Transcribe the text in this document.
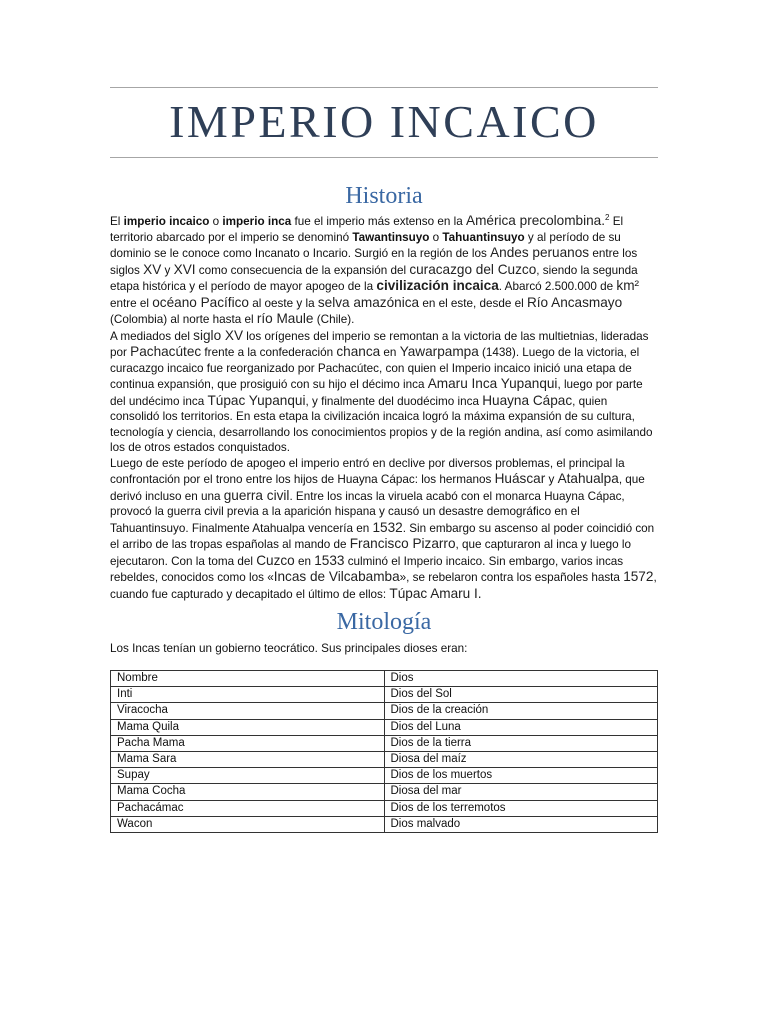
IMPERIO INCAICO
Historia

El imperio incaico o imperio inca fue el imperio más extenso en la América precolombina.$^2$ El territorio abarcado por el imperio se denominó Tawantinsuyo o Tahuantinsuyo y al período de su dominio se le conoce como Incanato o Incario. Surgió en la región de los Andes peruanos entre los siglos XV y XVI como consecuencia de la expansión del curacazgo del Cuzco, siendo la segunda etapa histórica y el período de mayor apogeo de la civilización incaica. Abarcó 2.500.000 de km² entre el océano Pacífico al oeste y la selva amazónica en el este, desde el Río Ancasmayo (Colombia) al norte hasta el río Maule (Chile).

A mediados del siglo XV los orígenes del imperio se remontan a la victoria de las multietnias, lideradas por Pachacútec frente a la confederación chanca en Yawarpampa (1438). Luego de la victoria, el curacazgo incaico fue reorganizado por Pachacútec, con quien el Imperio incaico inició una etapa de continua expansión, que prosiguió con su hijo el décimo inca Amaru Inca Yupanqui, luego por parte del undécimo inca Túpac Yupanqui, y finalmente del duodécimo inca Huayna Cápac, quien consolidó los territorios. En esta etapa la civilización incaica logró la máxima expansión de su cultura, tecnología y ciencia, desarrollando los conocimientos propios y de la región andina, así como asimilando los de otros estados conquistados.

Luego de este período de apogeo el imperio entró en declive por diversos problemas, el principal la confrontación por el trono entre los hijos de Huayna Cápac: los hermanos Huáscar y Atahualpa, que derivó incluso en una guerra civil. Entre los incas la viruela acabó con el monarca Huayna Cápac, provocó la guerra civil previa a la aparición hispana y causó un desastre demográfico en el Tahuantinsuyo. Finalmente Atahualpa vencería en 1532. Sin embargo su ascenso al poder coincidió con el arribo de las tropas españolas al mando de Francisco Pizarro, que capturaron al inca y luego lo ejecutaron. Con la toma del Cuzco en 1533 culminó el Imperio incaico. Sin embargo, varios incas rebeldes, conocidos como los «Incas de Vilcabamba», se rebelaron contra los españoles hasta 1572, cuando fue capturado y decapitado el último de ellos: Túpac Amaru I.

Mitología
Los Incas tenían un gobierno teocrático. Sus principales dioses eran:
Nombre	Dios
Inti	Dios del Sol
Viracocha	Dios de la creación
Mama Quila	Dios del Luna
Pacha Mama	Dios de la tierra
Mama Sara	Diosa del maíz
Supay	Dios de los muertos
Mama Cocha	Diosa del mar
Pachacámac	Dios de los terremotos
Wacon	Dios malvado
